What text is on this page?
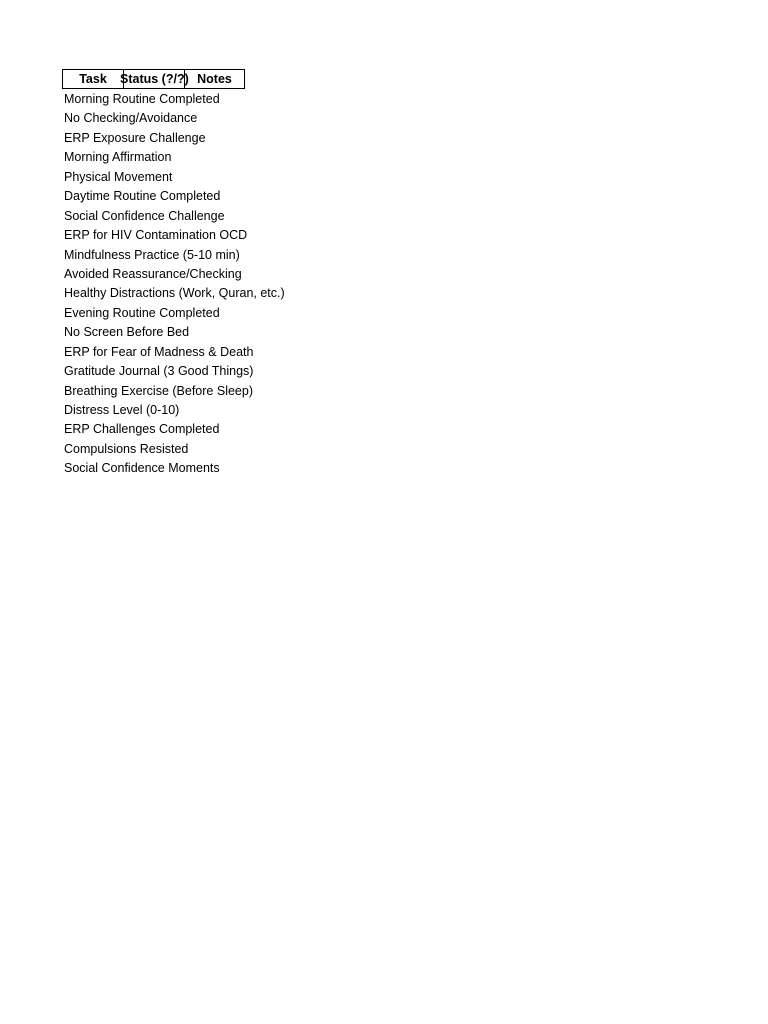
Task	Status (?/?) Notes
Morning Routine Completed
No Checking/Avoidance
ERP Exposure Challenge
Morning Affirmation
Physical Movement
Daytime Routine Completed
Social Confidence Challenge
ERP for HIV Contamination OCD
Mindfulness Practice (5-10 min)
Avoided Reassurance/Checking
Healthy Distractions (Work, Quran, etc.)
Evening Routine Completed
No Screen Before Bed
ERP for Fear of Madness & Death
Gratitude Journal (3 Good Things)
Breathing Exercise (Before Sleep)
Distress Level (0-10)
ERP Challenges Completed
Compulsions Resisted
Social Confidence Moments
